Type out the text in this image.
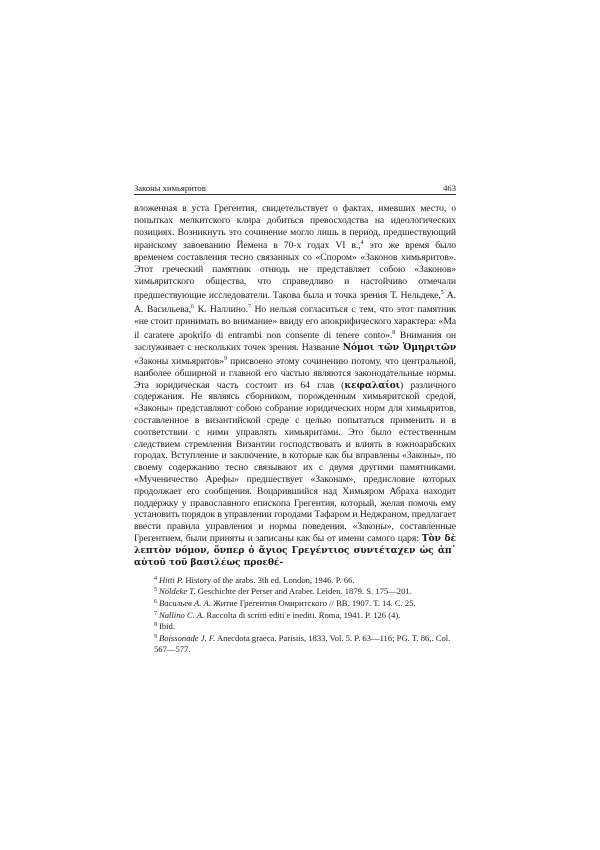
Законы химьяритов	463

вложенная в уста Грегентия, свидетельствует о фактах, имевших место, о попытках мелкитского клира добиться превосходства на идеологических позициях. Возникнуть это сочинение могло лишь в период, предшествующий иранскому завоеванию Йемена в 70-х годах VI в.,$^4$ это же время было временем составления тесно связанных со «Спором» «Законов химьяритов». Этот греческий памятник отнюдь не представляет собою «Законов» химьяритского общества, что справедливо и настойчиво отмечали предшествующие исследователи. Такова была и точка зрения Т. Нельдеке,$^5$ А. А. Васильева,$^6$ К. Наллино.$^7$ Но нельзя согласиться с тем, что этот памятник «не стоит принимать во внимание» ввиду его апокрифического характера: «Ma il caratere apokrifo di entrambi non consente di tenere conto».$^8$ Внимания он заслуживает с нескольких точек зрения. Название Νόμοι τῶν Ὁμηριτῶν «Законы химьяритов»$^9$ присвоено этому сочинению потому, что центральной, наиболее обширной и главной его частью являются законодательные нормы. Эта юридическая часть состоит из 64 глав (κεφαλαίοι) различного содержания. Не являясь сборником, порожденным химьяритской средой, «Законы» представляют собою собрание юридических норм для химьяритов, составленное в византийской среде с целью попытаться применить и в соответствии с ними управлять химьяритами. Это было естественным следствием стремления Византии господствовать и влиять в южноарабских городах. Вступление и заключение, в которые как бы вправлены «Законы», по своему содержанию тесно связывают их с двумя другими памятниками. «Мученичество Арефы» предшествует «Законам», предисловие которых продолжает его сообщения. Воцарившийся над Химьяром Абраха находит поддержку у православного епископа Грегентия, который, желая помочь ему установить порядок в управлении городами Тафаром и Неджраном, предлагает ввести правила управления и нормы поведения. «Законы», составленные Грегентием, были приняты и записаны как бы от имени самого царя: Τὸν δὲ λεπτὸν νόμον, ὅνπερ ὁ ἅγιος Γρεγέντιος συντέταχεν ὡς ἀπ᾿ αὐτοῦ τοῦ βασιλέως προεθέ-

$^4$ Hitti P. History of the arabs. 3th ed. London, 1946. P. 66.
$^5$ Nöldeke T. Geschichte der Perser and Araber. Leiden. 1879. S. 175—201.
$^6$ Васильев А. А. Житие Грегентия Омиритского // ВВ. 1907. Т. 14. С. 25.
$^7$ Nallino C. A. Raccolta di scritti editi e inediti. Roma, 1941. P. 126 (4).
$^8$ Ibid.
$^9$ Boissonade J. F. Anecdota graeca. Parisiis, 1833. Vol. 5. P. 63—116; PG. T. 86,. Col. 567—577.
